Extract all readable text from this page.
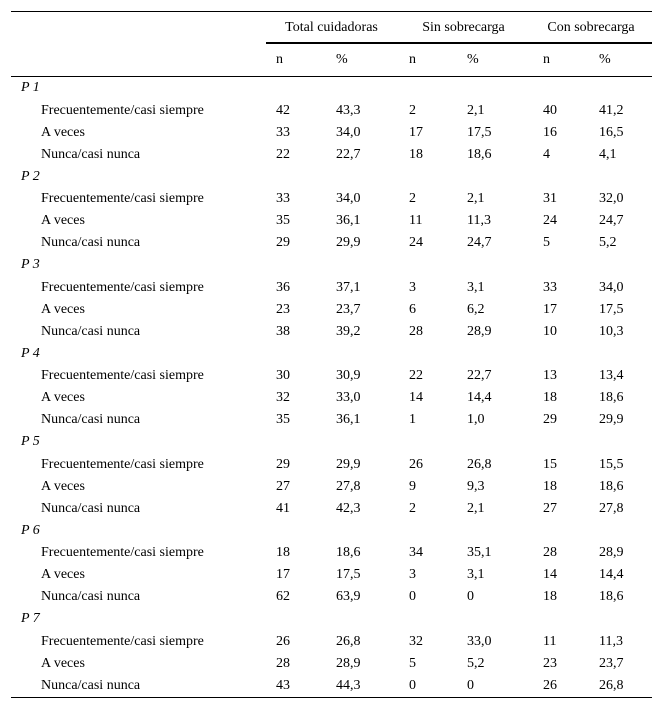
	Total cuidadoras		Sin sobrecarga		Con sobrecarga	
	n	%	n	%	n	%
P 1						
Frecuentemente/casi siempre	42	43,3	2	2,1	40	41,2
A veces	33	34,0	17	17,5	16	16,5
Nunca/casi nunca	22	22,7	18	18,6	4	4,1
P 2						
Frecuentemente/casi siempre	33	34,0	2	2,1	31	32,0
A veces	35	36,1	11	11,3	24	24,7
Nunca/casi nunca	29	29,9	24	24,7	5	5,2
P 3						
Frecuentemente/casi siempre	36	37,1	3	3,1	33	34,0
A veces	23	23,7	6	6,2	17	17,5
Nunca/casi nunca	38	39,2	28	28,9	10	10,3
P 4						
Frecuentemente/casi siempre	30	30,9	22	22,7	13	13,4
A veces	32	33,0	14	14,4	18	18,6
Nunca/casi nunca	35	36,1	1	1,0	29	29,9
P 5						
Frecuentemente/casi siempre	29	29,9	26	26,8	15	15,5
A veces	27	27,8	9	9,3	18	18,6
Nunca/casi nunca	41	42,3	2	2,1	27	27,8
P 6						
Frecuentemente/casi siempre	18	18,6	34	35,1	28	28,9
A veces	17	17,5	3	3,1	14	14,4
Nunca/casi nunca	62	63,9	0	0	18	18,6
P 7						
Frecuentemente/casi siempre	26	26,8	32	33,0	11	11,3
A veces	28	28,9	5	5,2	23	23,7
Nunca/casi nunca	43	44,3	0	0	26	26,8
